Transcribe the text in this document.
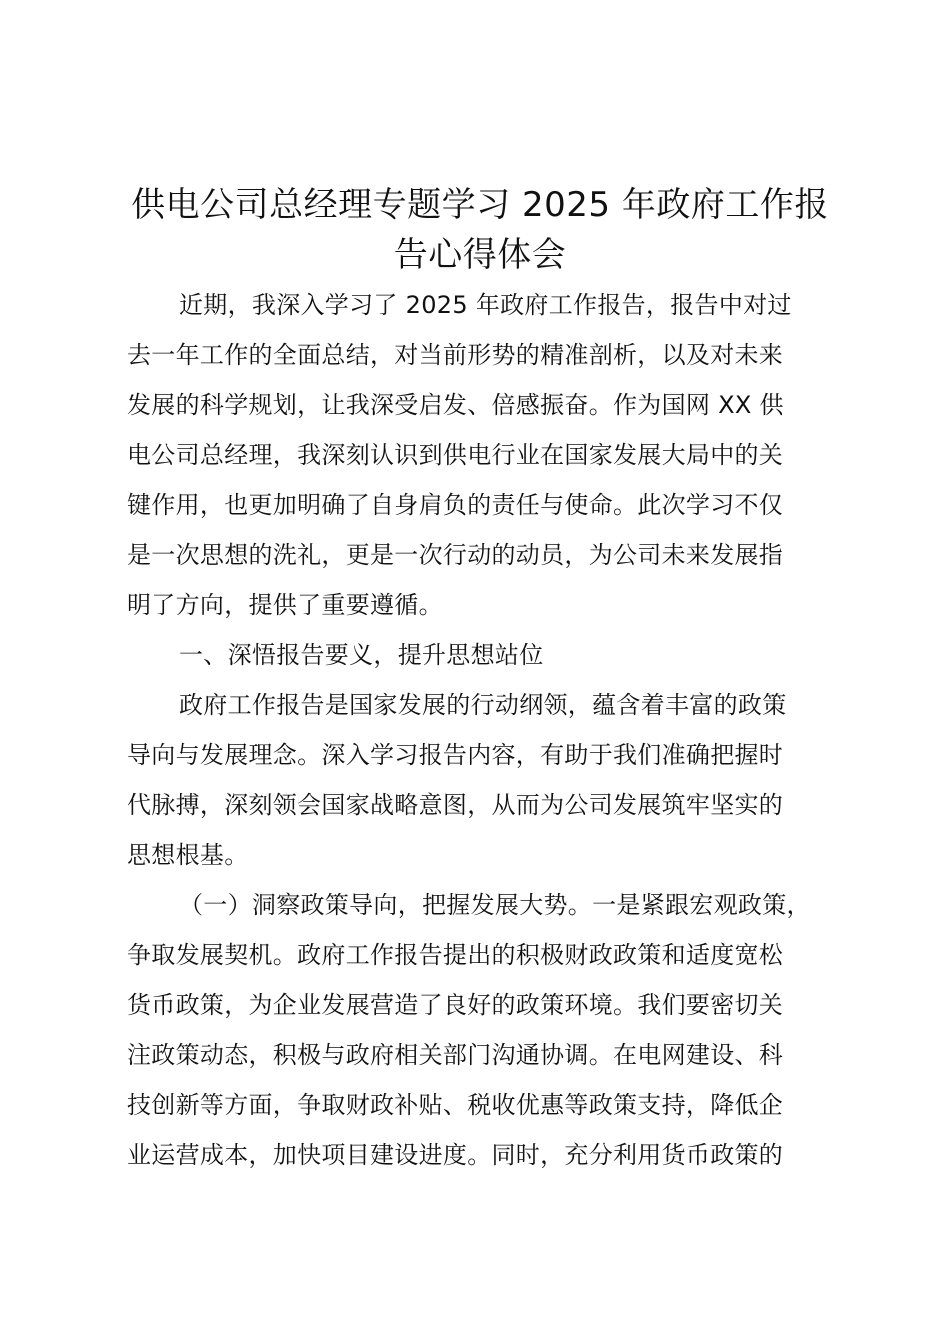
供电公司总经理专题学习 2025 年政府工作报
告心得体会
近期，我深入学习了 2025 年政府工作报告，报告中对过
去一年工作的全面总结，对当前形势的精准剖析，以及对未来
发展的科学规划，让我深受启发、倍感振奋。作为国网 XX 供
电公司总经理，我深刻认识到供电行业在国家发展大局中的关
键作用，也更加明确了自身肩负的责任与使命。此次学习不仅
是一次思想的洗礼，更是一次行动的动员，为公司未来发展指
明了方向，提供了重要遵循。
一、深悟报告要义，提升思想站位
政府工作报告是国家发展的行动纲领，蕴含着丰富的政策
导向与发展理念。深入学习报告内容，有助于我们准确把握时
代脉搏，深刻领会国家战略意图，从而为公司发展筑牢坚实的
思想根基。
（一）洞察政策导向，把握发展大势。一是紧跟宏观政策，
争取发展契机。政府工作报告提出的积极财政政策和适度宽松
货币政策，为企业发展营造了良好的政策环境。我们要密切关
注政策动态，积极与政府相关部门沟通协调。在电网建设、科
技创新等方面，争取财政补贴、税收优惠等政策支持，降低企
业运营成本，加快项目建设进度。同时，充分利用货币政策的
